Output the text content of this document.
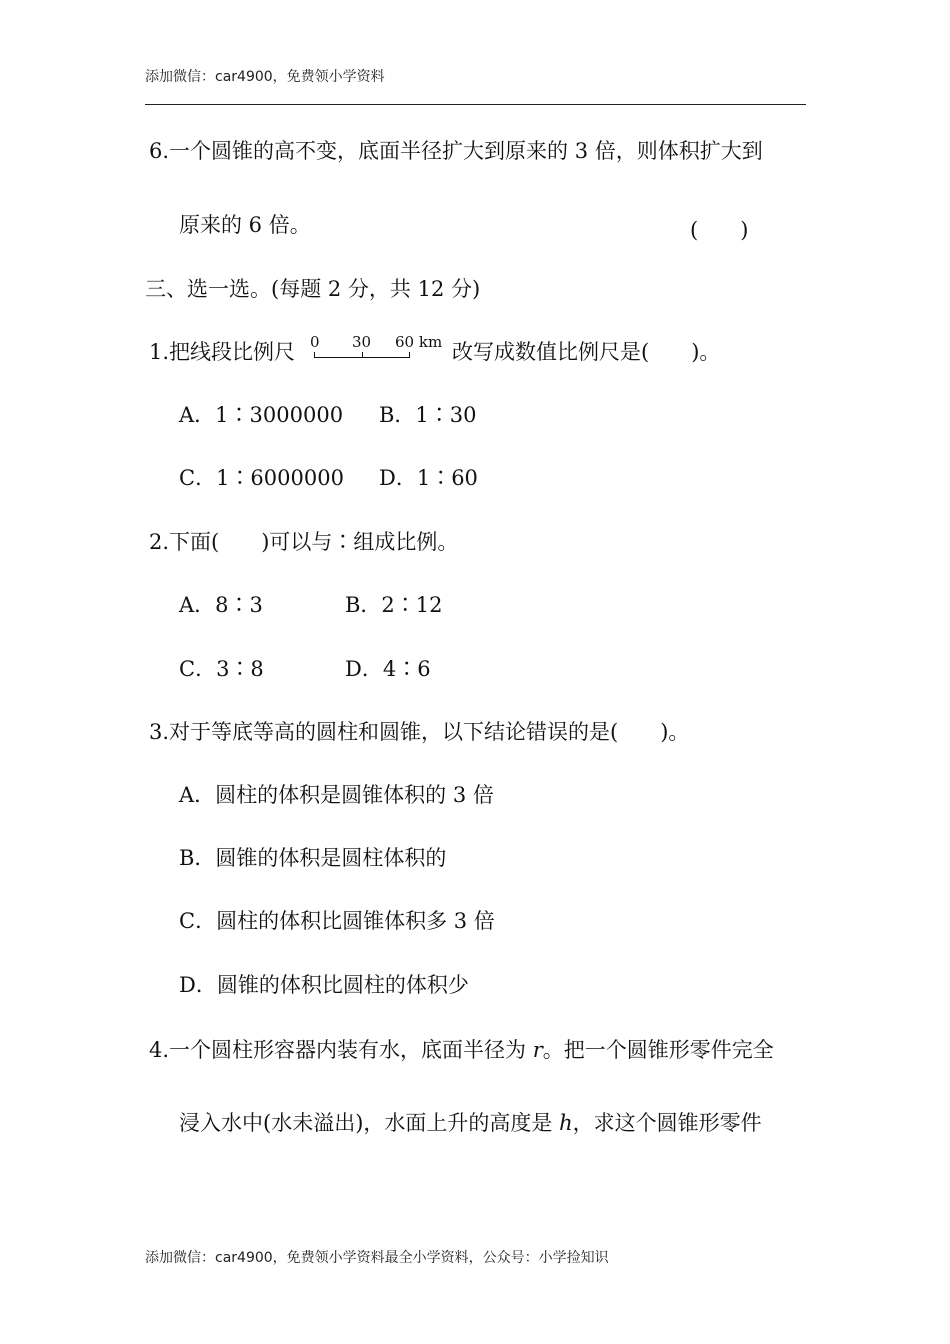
添加微信：car4900，免费领小学资料
6.一个圆锥的高不变，底面半径扩大到原来的 3 倍，则体积扩大到
原来的 6 倍。	(　　)
三、选一选。(每题 2 分，共 12 分)
1.把线段比例尺 0 30 60 km 改写成数值比例尺是(　　)。
A．1∶3000000 B．1∶30
C．1∶6000000 D．1∶60
2.下面(　　)可以与∶组成比例。
A．8∶3	B．2∶12
C．3∶8	D．4∶6
3.对于等底等高的圆柱和圆锥，以下结论错误的是(　　)。
A．圆柱的体积是圆锥体积的 3 倍
B．圆锥的体积是圆柱体积的
C．圆柱的体积比圆锥体积多 3 倍
D．圆锥的体积比圆柱的体积少
4.一个圆柱形容器内装有水，底面半径为 r。把一个圆锥形零件完全
浸入水中(水未溢出)，水面上升的高度是 h，求这个圆锥形零件
添加微信：car4900，免费领小学资料最全小学资料，公众号：小学捡知识
